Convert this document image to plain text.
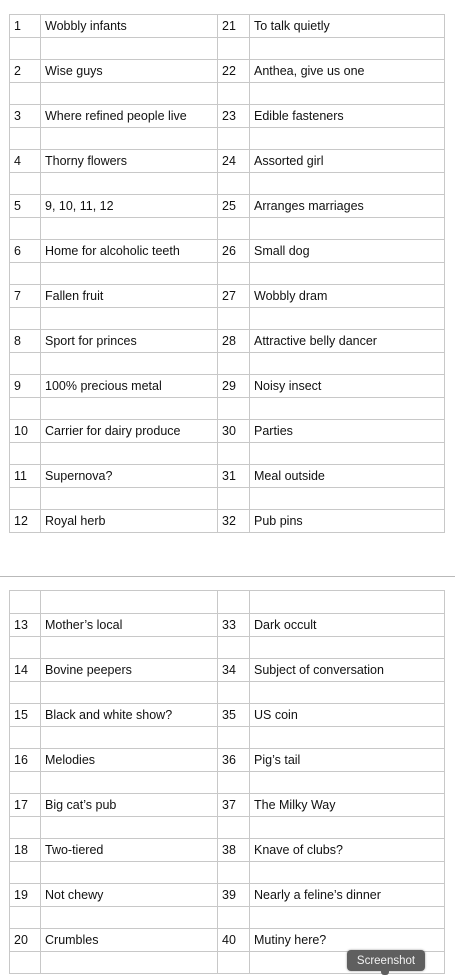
1	Wobbly infants	21	To talk quietly

2	Wise guys	22	Anthea, give us one

3	Where refined people live	23	Edible fasteners

4	Thorny flowers	24	Assorted girl

5	9, 10, 11, 12	25	Arranges marriages

6	Home for alcoholic teeth	26	Small dog

7	Fallen fruit	27	Wobbly dram

8	Sport for princes	28	Attractive belly dancer

9	100% precious metal	29	Noisy insect

10	Carrier for dairy produce	30	Parties

11	Supernova?	31	Meal outside

12	Royal herb	32	Pub pins

13	Mother’s local	33	Dark occult

14	Bovine peepers	34	Subject of conversation

15	Black and white show?	35	US coin

16	Melodies	36	Pig’s tail

17	Big cat’s pub	37	The Milky Way

18	Two-tiered	38	Knave of clubs?

19	Not chewy	39	Nearly a feline’s dinner

20	Crumbles	40	Mutiny here?

Screenshot
